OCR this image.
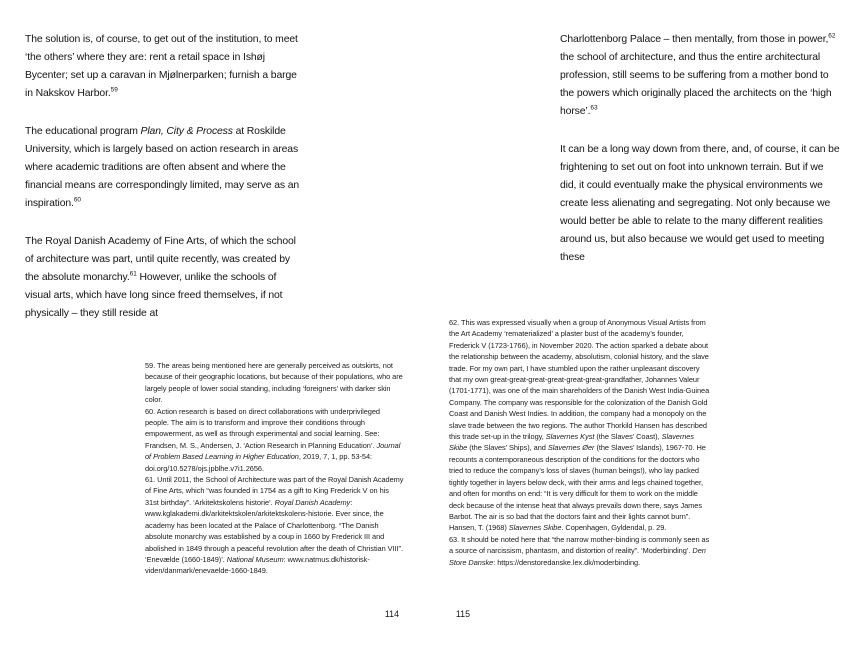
The solution is, of course, to get out of the institution, to meet ‘the others’ where they are: rent a retail space in Ishøj Bycenter; set up a caravan in Mjølnerparken; furnish a barge in Nakskov Harbor.$^{59}$

The educational program Plan, City & Process at Roskilde University, which is largely based on action research in areas where academic traditions are often absent and where the financial means are correspondingly limited, may serve as an inspiration.$^{60}$

The Royal Danish Academy of Fine Arts, of which the school of architecture was part, until quite recently, was created by the absolute monarchy.$^{61}$ However, unlike the schools of visual arts, which have long since freed themselves, if not physically – they still reside at

59. The areas being mentioned here are generally perceived as outskirts, not because of their geographic locations, but because of their populations, who are largely people of lower social standing, including ‘foreigners’ with darker skin color.

60. Action research is based on direct collaborations with underprivileged people. The aim is to transform and improve their conditions through empowerment, as well as through experimental and social learning. See: Frandsen, M. S., Andersen, J. ‘Action Research in Planning Education’. Journal of Problem Based Learning in Higher Education, 2019, 7, 1, pp. 53-54: doi.org/10.5278/ojs.jpblhe.v7i1.2656.

61. Until 2011, the School of Architecture was part of the Royal Danish Academy of Fine Arts, which “was founded in 1754 as a gift to King Frederick V on his 31st birthday”. ‘Arkitektskolens historie’. Royal Danish Academy: www.kglakademi.dk/arkitektskolen/arkitektskolens-historie. Ever since, the academy has been located at the Palace of Charlottenborg. “The Danish absolute monarchy was established by a coup in 1660 by Frederick III and abolished in 1849 through a peaceful revolution after the death of Christian VIII”. ‘Enevælde (1660-1849)’. National Museum: www.natmus.dk/historisk-viden/danmark/enevaelde-1660-1849.

114

Charlottenborg Palace – then mentally, from those in power,$^{62}$ the school of architecture, and thus the entire architectural profession, still seems to be suffering from a mother bond to the powers which originally placed the architects on the ‘high horse’.$^{63}$

It can be a long way down from there, and, of course, it can be frightening to set out on foot into unknown terrain. But if we did, it could eventually make the physical environments we create less alienating and segregating. Not only because we would better be able to relate to the many different realities around us, but also because we would get used to meeting these

62. This was expressed visually when a group of Anonymous Visual Artists from the Art Academy ‘rematerialized’ a plaster bust of the academy’s founder, Frederick V (1723-1766), in November 2020. The action sparked a debate about the relationship between the academy, absolutism, colonial history, and the slave trade. For my own part, I have stumbled upon the rather unpleasant discovery that my own great-great-great-great-great-great-grandfather, Johannes Valeur (1701-1771), was one of the main shareholders of the Danish West India-Guinea Company. The company was responsible for the colonization of the Danish Gold Coast and Danish West Indies. In addition, the company had a monopoly on the slave trade between the two regions. The author Thorkild Hansen has described this trade set-up in the trilogy, Slavernes Kyst (the Slaves’ Coast), Slavernes Skibe (the Slaves’ Ships), and Slavernes Øer (the Slaves’ Islands), 1967-70. He recounts a contemporaneous description of the conditions for the doctors who tried to reduce the company’s loss of slaves (human beings!), who lay packed tightly together in layers below deck, with their arms and legs chained together, and often for months on end: “It is very difficult for them to work on the middle deck because of the intense heat that always prevails down there, says James Barbot. The air is so bad that the doctors faint and their lights cannot burn”. Hansen, T. (1968) Slavernes Skibe. Copenhagen, Gyldendal, p. 29.

63. It should be noted here that “the narrow mother-binding is commonly seen as a source of narcissism, phantasm, and distortion of reality”. ‘Moderbinding’. Den Store Danske: https://denstoredanske.lex.dk/moderbinding.

115
